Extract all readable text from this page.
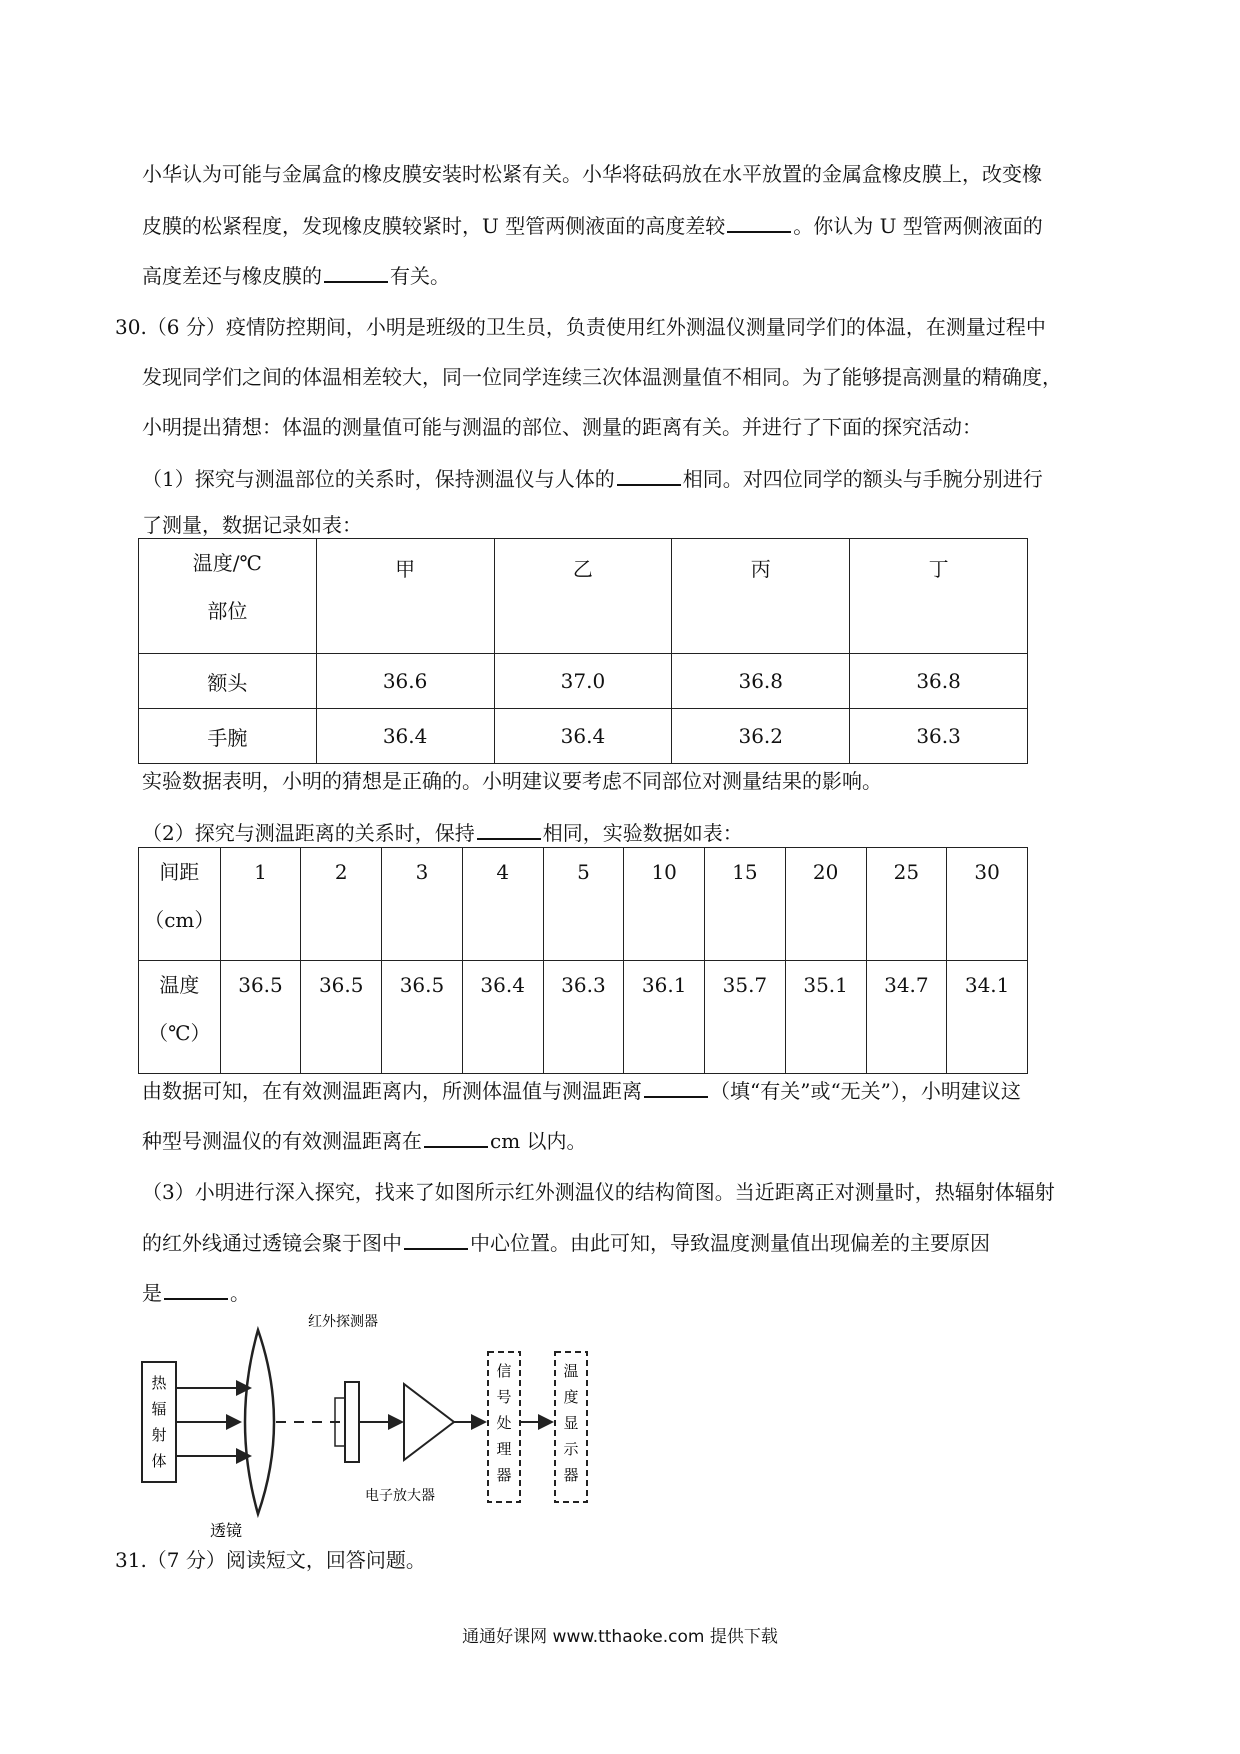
小华认为可能与金属盒的橡皮膜安装时松紧有关。小华将砝码放在水平放置的金属盒橡皮膜上，改变橡
皮膜的松紧程度，发现橡皮膜较紧时，U 型管两侧液面的高度差较	。你认为 U 型管两侧液面的
高度差还与橡皮膜的	有关。
30.（6 分）疫情防控期间，小明是班级的卫生员，负责使用红外测温仪测量同学们的体温，在测量过程中
发现同学们之间的体温相差较大，同一位同学连续三次体温测量值不相同。为了能够提高测量的精确度，
小明提出猜想：体温的测量值可能与测温的部位、测量的距离有关。并进行了下面的探究活动：
（1）探究与测温部位的关系时，保持测温仪与人体的	相同。对四位同学的额头与手腕分别进行
了测量，数据记录如表：
温度/℃
部位	甲	乙	丙	丁
额头	36.6	37.0	36.8	36.8
手腕	36.4	36.4	36.2	36.3
实验数据表明，小明的猜想是正确的。小明建议要考虑不同部位对测量结果的影响。
（2）探究与测温距离的关系时，保持	相同，实验数据如表：
间距
（cm）	1	2	3	4	5	10	15	20	25	30
温度
（℃）	36.5	36.5	36.5	36.4	36.3	36.1	35.7	35.1	34.7	34.1
由数据可知，在有效测温距离内，所测体温值与测温距离	（填“有关”或“无关”），小明建议这
种型号测温仪的有效测温距离在	cm 以内。
（3）小明进行深入探究，找来了如图所示红外测温仪的结构简图。当近距离正对测量时，热辐射体辐射
的红外线通过透镜会聚于图中	中心位置。由此可知，导致温度测量值出现偏差的主要原因
是	。
热
辐
射
体
透镜
红外探测器
电子放大器
信
号
处
理
器
温
度
显
示
器
31.（7 分）阅读短文，回答问题。
通通好课网 www.tthaoke.com 提供下载
